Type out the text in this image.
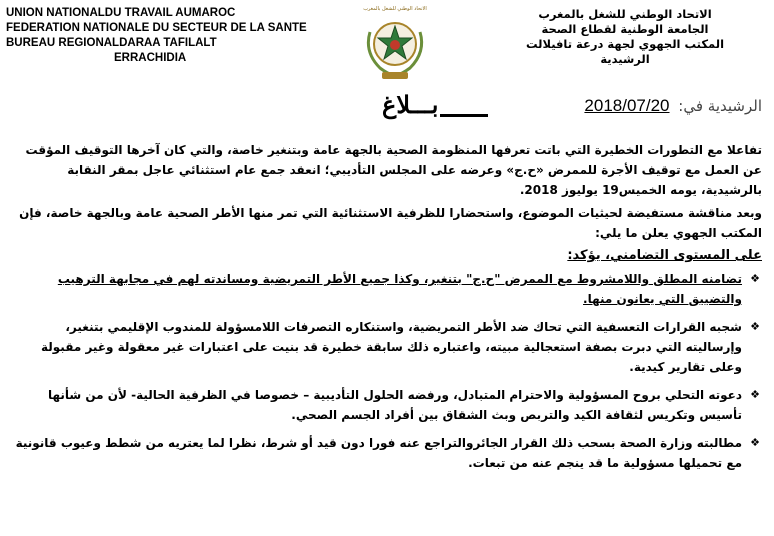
UNION NATIONALDU TRAVAIL AUMAROC
FEDERATION NATIONALE DU SECTEUR DE LA SANTE
BUREAU REGIONALDARAA TAFILALT
ERRACHIDIA
الاتحاد الوطني للشغل بالمغرب	الاتحاد الوطني للشغل بالمغرب
الجامعة الوطنية لقطاع الصحة
المكتب الجهوي لجهة درعة تافيلالت
الرشيدية
الرشيدية في: 2018/07/20
بـــلاغ

تفاعلا مع التطورات الخطيرة التي باتت تعرفها المنظومة الصحية بالجهة عامة وبتنغير خاصة، والتي كان آخرها التوقيف المؤقت عن العمل مع توقيف الأجرة للممرض «ح.ج» وعرضه على المجلس التأديبي؛ انعقد جمع عام استثنائي عاجل بمقر النقابة بالرشيدية، يومه الخميس19 يوليوز 2018.

وبعد مناقشة مستفيضة لحيثيات الموضوع، واستحضارا للظرفية الاستثنائية التي تمر منها الأطر الصحية عامة وبالجهة خاصة، فإن المكتب الجهوي يعلن ما يلي:

على المستوى التضامني، يؤكد:
❖
تضامنه المطلق واللامشروط مع الممرض "ح.ج" بتنغير، وكذا جميع الأطر التمريضية ومساندته لهم في مجابهة الترهيب والتضييق التي يعانون منها.
❖
شجبه القرارات التعسفية التي تحاك ضد الأطر التمريضية، واستنكاره التصرفات اللامسؤولة للمندوب الإقليمي بتنغير، وإرساليته التي دبرت بصفة استعجالية مبيته، واعتباره ذلك سابقة خطيرة قد بنيت على اعتبارات غير معقولة وغير مقبولة وعلى تقارير كيدية.
❖
دعوته التحلي بروح المسؤولية والاحترام المتبادل، ورفضه الحلول التأديبية – خصوصا في الظرفية الحالية- لأن من شأنها تأسيس وتكريس لثقافة الكيد والتربص وبث الشقاق بين أفراد الجسم الصحي.
❖
مطالبته وزارة الصحة بسحب ذلك القرار الجائروالتراجع عنه فورا دون قيد أو شرط، نظرا لما يعتريه من شطط وعيوب قانونية مع تحميلها مسؤولية ما قد ينجم عنه من تبعات.
